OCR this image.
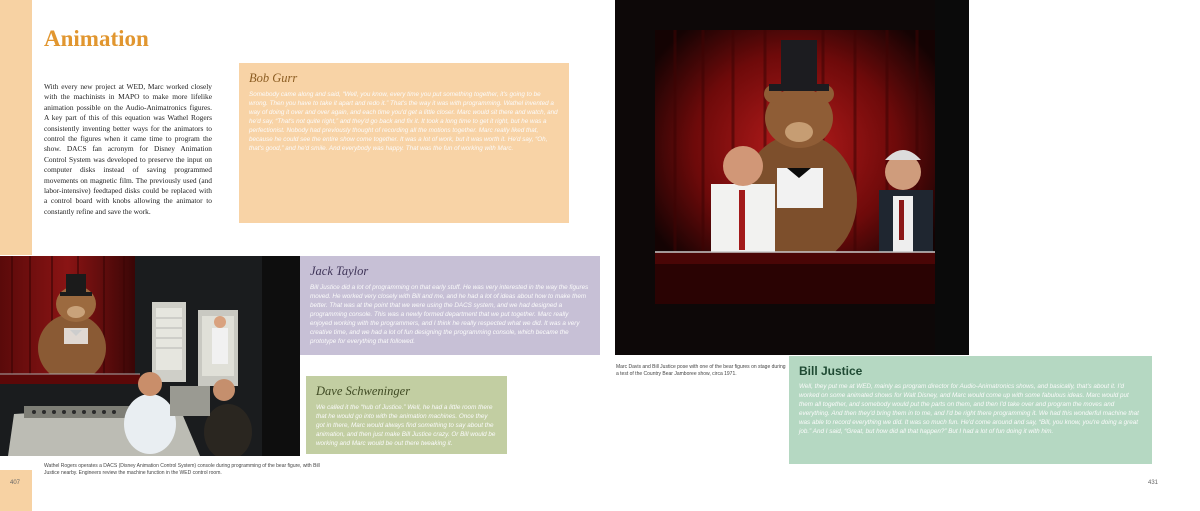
Animation

With every new project at WED, Marc worked closely with the machinists in MAPO to make more lifelike animation possible on the Audio-Animatronics figures. A key part of this of this equation was Wathel Rogers consistently inventing better ways for the animators to control the figures when it came time to program the show. DACS fan acronym for Disney Animation Control System was developed to preserve the input on computer disks instead of saving programmed movements on magnetic film. The previously used (and labor-intensive) feedtaped disks could be replaced with a control board with knobs allowing the animator to constantly refine and save the work.

Bob Gurr

Somebody came along and said, “Well, you know, every time you put something together, it's going to be wrong. Then you have to take it apart and redo it.” That's the way it was with programming. Wathel invented a way of doing it over and over again, and each time you'd get a little closer. Marc would sit there and watch, and he'd say, “That's not quite right,” and they'd go back and fix it. It took a long time to get it right, but he was a perfectionist. Nobody had previously thought of recording all the motions together. Marc really liked that, because he could see the entire show come together. It was a lot of work, but it was worth it. He'd say, “Oh, that's good,” and he'd smile. And everybody was happy. That was the fun of working with Marc.

Jack Taylor

Bill Justice did a lot of programming on that early stuff. He was very interested in the way the figures moved. He worked very closely with Bill and me, and he had a lot of ideas about how to make them better. That was at the point that we were using the DACS system, and we had designed a programming console. This was a newly formed department that we put together. Marc really enjoyed working with the programmers, and I think he really respected what we did. It was a very creative time, and we had a lot of fun designing the programming console, which became the prototype for everything that followed.

Dave Schweninger

We called it the “hub of Justice.” Well, he had a little room there that he would go into with the animation machines. Once they got in there, Marc would always find something to say about the animation, and then just make Bill Justice crazy. Or Bill would be working and Marc would be out there tweaking it.

Wathel Rogers operates a DACS (Disney Animation Control System) console during programming of the bear figure, with Bill Justice nearby. Engineers review the machine function in the WED control room.

407

Marc Davis and Bill Justice pose with one of the bear figures on stage during a test of the Country Bear Jamboree show, circa 1971.	Bill Justice

Well, they put me at WED, mainly as program director for Audio-Animatronics shows, and basically, that's about it. I'd worked on some animated shows for Walt Disney, and Marc would come up with some fabulous ideas. Marc would put them all together, and somebody would put the parts on them, and then I'd take over and program the moves and everything. And then they'd bring them in to me, and I'd be right there programming it. We had this wonderful machine that was able to record everything we did. It was so much fun. He'd come around and say, “Bill, you know, you're doing a great job.” And I said, “Great, but how did all that happen?” But I had a lot of fun doing it with him.

431
